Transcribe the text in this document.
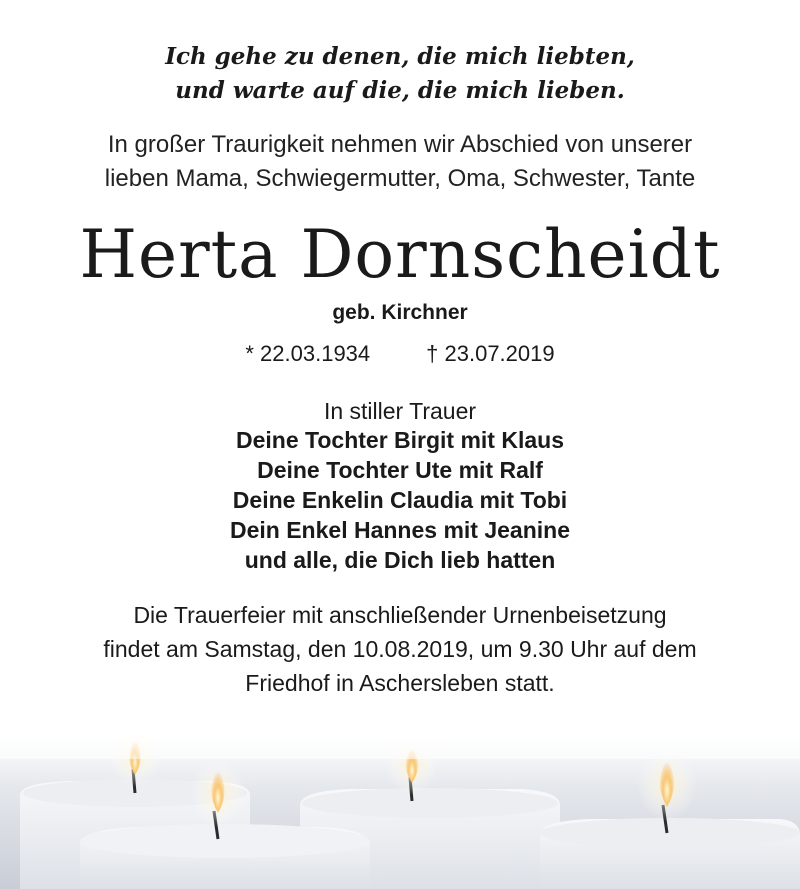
Ich gehe zu denen, die mich liebten,
und warte auf die, die mich lieben.
In großer Traurigkeit nehmen wir Abschied von unserer
lieben Mama, Schwiegermutter, Oma, Schwester, Tante
Herta Dornscheidt
geb. Kirchner
* 22.03.1934	† 23.07.2019
In stiller Trauer
Deine Tochter Birgit mit Klaus
Deine Tochter Ute mit Ralf
Deine Enkelin Claudia mit Tobi
Dein Enkel Hannes mit Jeanine
und alle, die Dich lieb hatten
Die Trauerfeier mit anschließender Urnenbeisetzung
findet am Samstag, den 10.08.2019, um 9.30 Uhr auf dem
Friedhof in Aschersleben statt.
